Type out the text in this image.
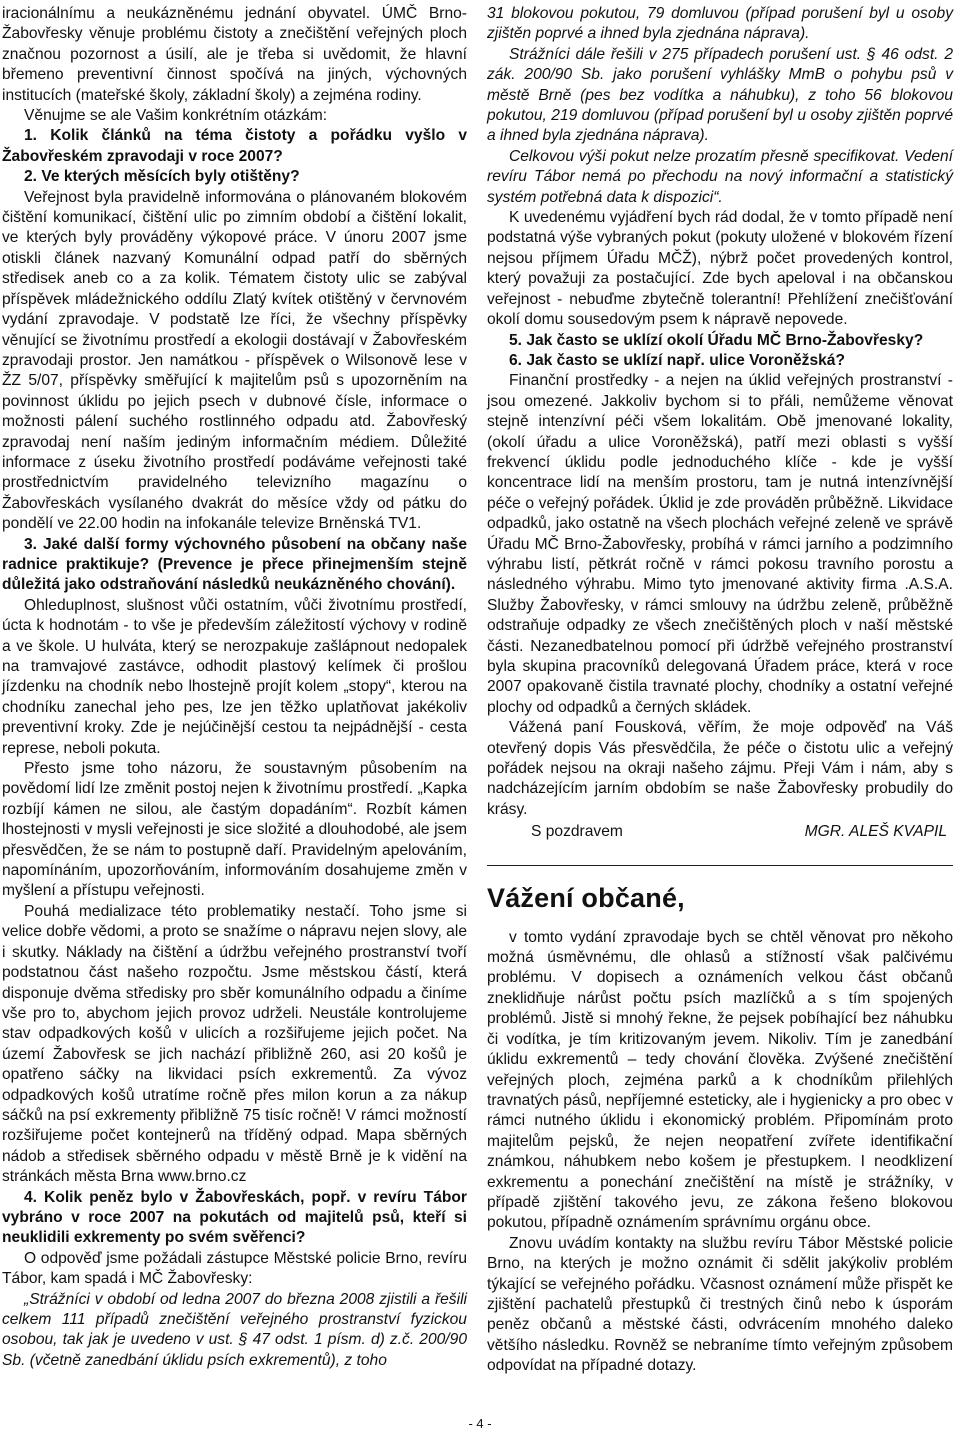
iracionálnímu a neukázněnému jednání obyvatel. ÚMČ Brno-Žabovřesky věnuje problému čistoty a znečištění veřejných ploch značnou pozornost a úsilí, ale je třeba si uvědomit, že hlavní břemeno preventivní činnost spočívá na jiných, výchovných institucích (mateřské školy, základní školy) a zejména rodiny.

Věnujme se ale Vašim konkrétním otázkám:

1. Kolik článků na téma čistoty a pořádku vyšlo v Žabovřeském zpravodaji v roce 2007?

2. Ve kterých měsících byly otištěny?

Veřejnost byla pravidelně informována o plánovaném blokovém čištění komunikací, čištění ulic po zimním období a čištění lokalit, ve kterých byly prováděny výkopové práce. V únoru 2007 jsme otiskli článek nazvaný Komunální odpad patří do sběrných středisek aneb co a za kolik. Tématem čistoty ulic se zabýval příspěvek mládežnického oddílu Zlatý kvítek otištěný v červnovém vydání zpravodaje. V podstatě lze říci, že všechny příspěvky věnující se životnímu prostředí a ekologii dostávají v Žabovřeském zpravodaji prostor. Jen namátkou - příspěvek o Wilsonově lese v ŽZ 5/07, příspěvky směřující k majitelům psů s upozorněním na povinnost úklidu po jejich psech v dubnové čísle, informace o možnosti pálení suchého rostlinného odpadu atd. Žabovřeský zpravodaj není naším jediným informačním médiem. Důležité informace z úseku životního prostředí podáváme veřejnosti také prostřednictvím pravidelného televizního magazínu o Žabovřeskách vysílaného dvakrát do měsíce vždy od pátku do pondělí ve 22.00 hodin na infokanále televize Brněnská TV1.

3. Jaké další formy výchovného působení na občany naše radnice praktikuje? (Prevence je přece přinejmenším stejně důležitá jako odstraňování následků neukázněného chování).

Ohleduplnost, slušnost vůči ostatním, vůči životnímu prostředí, úcta k hodnotám - to vše je především záležitostí výchovy v rodině a ve škole. U hulváta, který se nerozpakuje zašlápnout nedopalek na tramvajové zastávce, odhodit plastový kelímek či prošlou jízdenku na chodník nebo lhostejně projít kolem „stopy“, kterou na chodníku zanechal jeho pes, lze jen těžko uplatňovat jakékoliv preventivní kroky. Zde je nejúčinější cestou ta nejpádnější - cesta represe, neboli pokuta.

Přesto jsme toho názoru, že soustavným působením na povědomí lidí lze změnit postoj nejen k životnímu prostředí. „Kapka rozbíjí kámen ne silou, ale častým dopadáním“. Rozbít kámen lhostejnosti v mysli veřejnosti je sice složité a dlouhodobé, ale jsem přesvědčen, že se nám to postupně daří. Pravidelným apelováním, napomínáním, upozorňováním, informováním dosahujeme změn v myšlení a přístupu veřejnosti.

Pouhá medializace této problematiky nestačí. Toho jsme si velice dobře vědomi, a proto se snažíme o nápravu nejen slovy, ale i skutky. Náklady na čištění a údržbu veřejného prostranství tvoří podstatnou část našeho rozpočtu. Jsme městskou částí, která disponuje dvěma středisky pro sběr komunálního odpadu a činíme vše pro to, abychom jejich provoz udrželi. Neustále kontrolujeme stav odpadkových košů v ulicích a rozšiřujeme jejich počet. Na území Žabovřesk se jich nachází přibližně 260, asi 20 košů je opatřeno sáčky na likvidaci psích exkrementů. Za vývoz odpadkových košů utratíme ročně přes milon korun a za nákup sáčků na psí exkrementy přibližně 75 tisíc ročně! V rámci možností rozšiřujeme počet kontejnerů na tříděný odpad. Mapa sběrných nádob a středisek sběrného odpadu v městě Brně je k vidění na stránkách města Brna www.brno.cz

4. Kolik peněz bylo v Žabovřeskách, popř. v revíru Tábor vybráno v roce 2007 na pokutách od majitelů psů, kteří si neuklidili exkrementy po svém svěřenci?

O odpověď jsme požádali zástupce Městské policie Brno, revíru Tábor, kam spadá i MČ Žabovřesky:

„Strážníci v období od ledna 2007 do března 2008 zjistili a řešili celkem 111 případů znečištění veřejného prostranství fyzickou osobou, tak jak je uvedeno v ust. § 47 odst. 1 písm. d) z.č. 200/90 Sb. (včetně zanedbání úklidu psích exkrementů), z toho

31 blokovou pokutou, 79 domluvou (případ porušení byl u osoby zjištěn poprvé a ihned byla zjednána náprava).

Strážníci dále řešili v 275 případech porušení ust. § 46 odst. 2 zák. 200/90 Sb. jako porušení vyhlášky MmB o pohybu psů v městě Brně (pes bez vodítka a náhubku), z toho 56 blokovou pokutou, 219 domluvou (případ porušení byl u osoby zjištěn poprvé a ihned byla zjednána náprava).

Celkovou výši pokut nelze prozatím přesně specifikovat. Vedení revíru Tábor nemá po přechodu na nový informační a statistický systém potřebná data k dispozici“.

K uvedenému vyjádření bych rád dodal, že v tomto případě není podstatná výše vybraných pokut (pokuty uložené v blokovém řízení nejsou příjmem Úřadu MČŽ), nýbrž počet provedených kontrol, který považuji za postačující. Zde bych apeloval i na občanskou veřejnost - nebuďme zbytečně tolerantní! Přehlížení znečišťování okolí domu sousedovým psem k nápravě nepovede.

5. Jak často se uklízí okolí Úřadu MČ Brno-Žabovřesky?

6. Jak často se uklízí např. ulice Voroněžská?

Finanční prostředky - a nejen na úklid veřejných prostranství - jsou omezené. Jakkoliv bychom si to přáli, nemůžeme věnovat stejně intenzívní péči všem lokalitám. Obě jmenované lokality, (okolí úřadu a ulice Voroněžská), patří mezi oblasti s vyšší frekvencí úklidu podle jednoduchého klíče - kde je vyšší koncentrace lidí na menším prostoru, tam je nutná intenzívnější péče o veřejný pořádek. Úklid je zde prováděn průběžně. Likvidace odpadků, jako ostatně na všech plochách veřejné zeleně ve správě Úřadu MČ Brno-Žabovřesky, probíhá v rámci jarního a podzimního výhrabu listí, pětkrát ročně v rámci pokosu travního porostu a následného výhrabu. Mimo tyto jmenované aktivity firma .A.S.A. Služby Žabovřesky, v rámci smlouvy na údržbu zeleně, průběžně odstraňuje odpadky ze všech znečištěných ploch v naší městské části. Nezanedbatelnou pomocí při údržbě veřejného prostranství byla skupina pracovníků delegovaná Úřadem práce, která v roce 2007 opakovaně čistila travnaté plochy, chodníky a ostatní veřejné plochy od odpadků a černých skládek.

Vážená paní Fousková, věřím, že moje odpověď na Váš otevřený dopis Vás přesvědčila, že péče o čistotu ulic a veřejný pořádek nejsou na okraji našeho zájmu. Přeji Vám i nám, aby s nadcházejícím jarním obdobím se naše Žabovřesky probudily do krásy.

S pozdravem	MGR. ALEŠ KVAPIL
Vážení občané,

v tomto vydání zpravodaje bych se chtěl věnovat pro někoho možná úsměvnému, dle ohlasů a stížností však palčivému problému. V dopisech a oznámeních velkou část občanů zneklidňuje nárůst počtu psích mazlíčků a s tím spojených problémů. Jistě si mnohý řekne, že pejsek pobíhající bez náhubku či vodítka, je tím kritizovaným jevem. Nikoliv. Tím je zanedbání úklidu exkrementů – tedy chování člověka. Zvýšené znečištění veřejných ploch, zejména parků a k chodníkům přilehlých travnatých pásů, nepříjemné esteticky, ale i hygienicky a pro obec v rámci nutného úklidu i ekonomický problém. Připomínám proto majitelům pejsků, že nejen neopatření zvířete identifikační známkou, náhubkem nebo košem je přestupkem. I neodklizení exkrementu a ponechání znečištění na místě je strážníky, v případě zjištění takového jevu, ze zákona řešeno blokovou pokutou, případně oznámením správnímu orgánu obce.

Znovu uvádím kontakty na službu revíru Tábor Městské policie Brno, na kterých je možno oznámit či sdělit jakýkoliv problém týkající se veřejného pořádku. Včasnost oznámení může přispět ke zjištění pachatelů přestupků či trestných činů nebo k úsporám peněz občanů a městské části, odvrácením mnohého daleko většího následku. Rovněž se nebraníme tímto veřejným způsobem odpovídat na případné dotazy.

- 4 -
